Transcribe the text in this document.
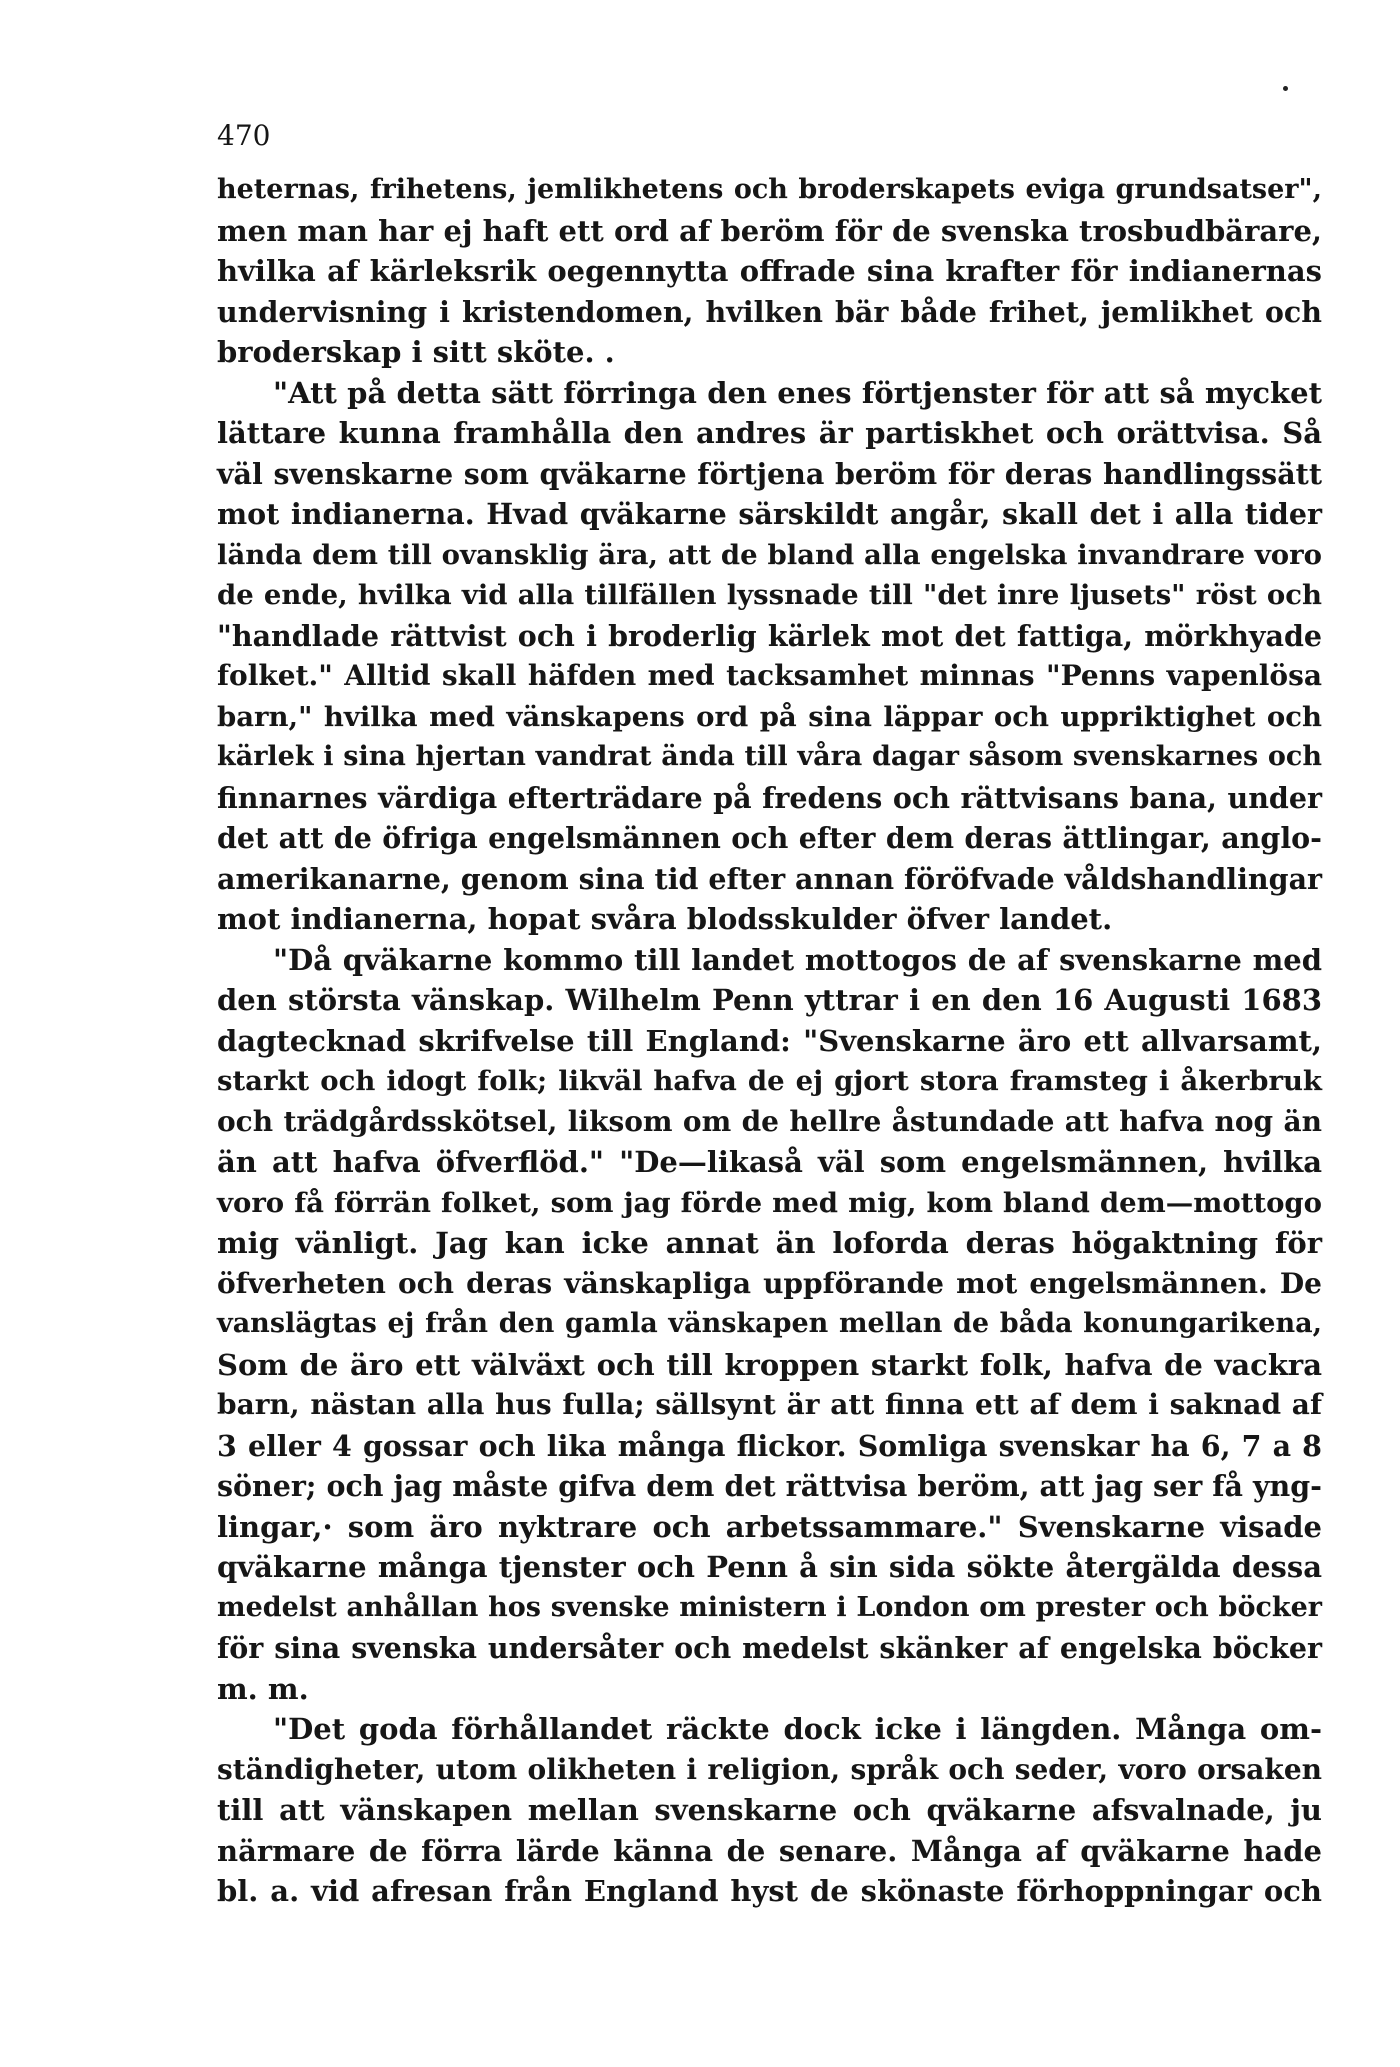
470
heternas, frihetens, jemlikhetens och broderskapets eviga grundsatser",
men man har ej haft ett ord af beröm för de svenska trosbudbärare,
hvilka af kärleksrik oegennytta offrade sina krafter för indianernas
undervisning i kristendomen, hvilken bär både frihet, jemlikhet och
broderskap i sitt sköte. .
"Att på detta sätt förringa den enes förtjenster för att så mycket
lättare kunna framhålla den andres är partiskhet och orättvisa. Så
väl svenskarne som qväkarne förtjena beröm för deras handlingssätt
mot indianerna. Hvad qväkarne särskildt angår, skall det i alla tider
lända dem till ovansklig ära, att de bland alla engelska invandrare voro
de ende, hvilka vid alla tillfällen lyssnade till "det inre ljusets" röst och
"handlade rättvist och i broderlig kärlek mot det fattiga, mörkhyade
folket." Alltid skall häfden med tacksamhet minnas "Penns vapenlösa
barn," hvilka med vänskapens ord på sina läppar och uppriktighet och
kärlek i sina hjertan vandrat ända till våra dagar såsom svenskarnes och
finnarnes värdiga efterträdare på fredens och rättvisans bana, under
det att de öfriga engelsmännen och efter dem deras ättlingar, anglo-
amerikanarne, genom sina tid efter annan föröfvade våldshandlingar
mot indianerna, hopat svåra blodsskulder öfver landet.
"Då qväkarne kommo till landet mottogos de af svenskarne med
den största vänskap. Wilhelm Penn yttrar i en den 16 Augusti 1683
dagtecknad skrifvelse till England: "Svenskarne äro ett allvarsamt,
starkt och idogt folk; likväl hafva de ej gjort stora framsteg i åkerbruk
och trädgårdsskötsel, liksom om de hellre åstundade att hafva nog än
än att hafva öfverflöd." "De—likaså väl som engelsmännen, hvilka
voro få förrän folket, som jag förde med mig, kom bland dem—mottogo
mig vänligt. Jag kan icke annat än loforda deras högaktning för
öfverheten och deras vänskapliga uppförande mot engelsmännen. De
vanslägtas ej från den gamla vänskapen mellan de båda konungarikena,
Som de äro ett välväxt och till kroppen starkt folk, hafva de vackra
barn, nästan alla hus fulla; sällsynt är att finna ett af dem i saknad af
3 eller 4 gossar och lika många flickor. Somliga svenskar ha 6, 7 a 8
söner; och jag måste gifva dem det rättvisa beröm, att jag ser få yng-
lingar,· som äro nyktrare och arbetssammare." Svenskarne visade
qväkarne många tjenster och Penn å sin sida sökte återgälda dessa
medelst anhållan hos svenske ministern i London om prester och böcker
för sina svenska undersåter och medelst skänker af engelska böcker
m. m.
"Det goda förhållandet räckte dock icke i längden. Många om-
ständigheter, utom olikheten i religion, språk och seder, voro orsaken
till att vänskapen mellan svenskarne och qväkarne afsvalnade, ju
närmare de förra lärde känna de senare. Många af qväkarne hade
bl. a. vid afresan från England hyst de skönaste förhoppningar och
